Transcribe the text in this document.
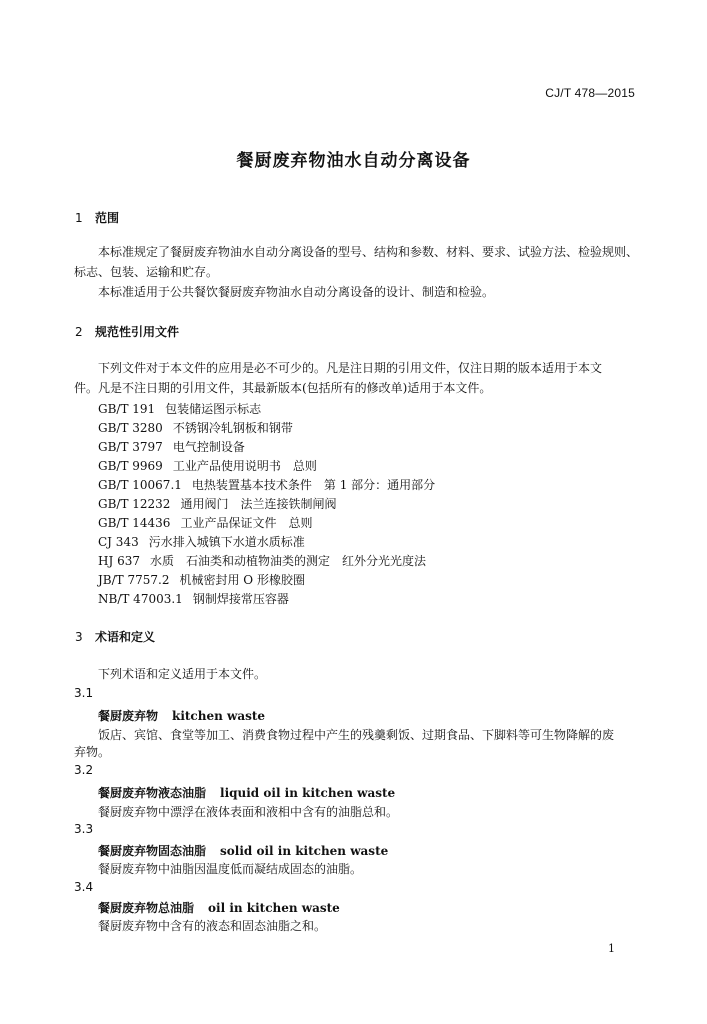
CJ/T 478—2015
餐厨废弃物油水自动分离设备
1 范围
本标准规定了餐厨废弃物油水自动分离设备的型号、结构和参数、材料、要求、试验方法、检验规则、
标志、包装、运输和贮存。
本标准适用于公共餐饮餐厨废弃物油水自动分离设备的设计、制造和检验。
2 规范性引用文件
下列文件对于本文件的应用是必不可少的。凡是注日期的引用文件，仅注日期的版本适用于本文
件。凡是不注日期的引用文件，其最新版本(包括所有的修改单)适用于本文件。
GB/T 191 包装储运图示标志
GB/T 3280 不锈钢冷轧钢板和钢带
GB/T 3797 电气控制设备
GB/T 9969 工业产品使用说明书　总则
GB/T 10067.1 电热装置基本技术条件　第 1 部分：通用部分
GB/T 12232 通用阀门　法兰连接铁制闸阀
GB/T 14436 工业产品保证文件　总则
CJ 343 污水排入城镇下水道水质标准
HJ 637 水质　石油类和动植物油类的测定　红外分光光度法
JB/T 7757.2 机械密封用 O 形橡胶圈
NB/T 47003.1 钢制焊接常压容器
3 术语和定义
下列术语和定义适用于本文件。
3.1
餐厨废弃物 kitchen waste
饭店、宾馆、食堂等加工、消费食物过程中产生的残羹剩饭、过期食品、下脚料等可生物降解的废
弃物。
3.2
餐厨废弃物液态油脂 liquid oil in kitchen waste
餐厨废弃物中漂浮在液体表面和液相中含有的油脂总和。
3.3
餐厨废弃物固态油脂 solid oil in kitchen waste
餐厨废弃物中油脂因温度低而凝结成固态的油脂。
3.4
餐厨废弃物总油脂 oil in kitchen waste
餐厨废弃物中含有的液态和固态油脂之和。
1
